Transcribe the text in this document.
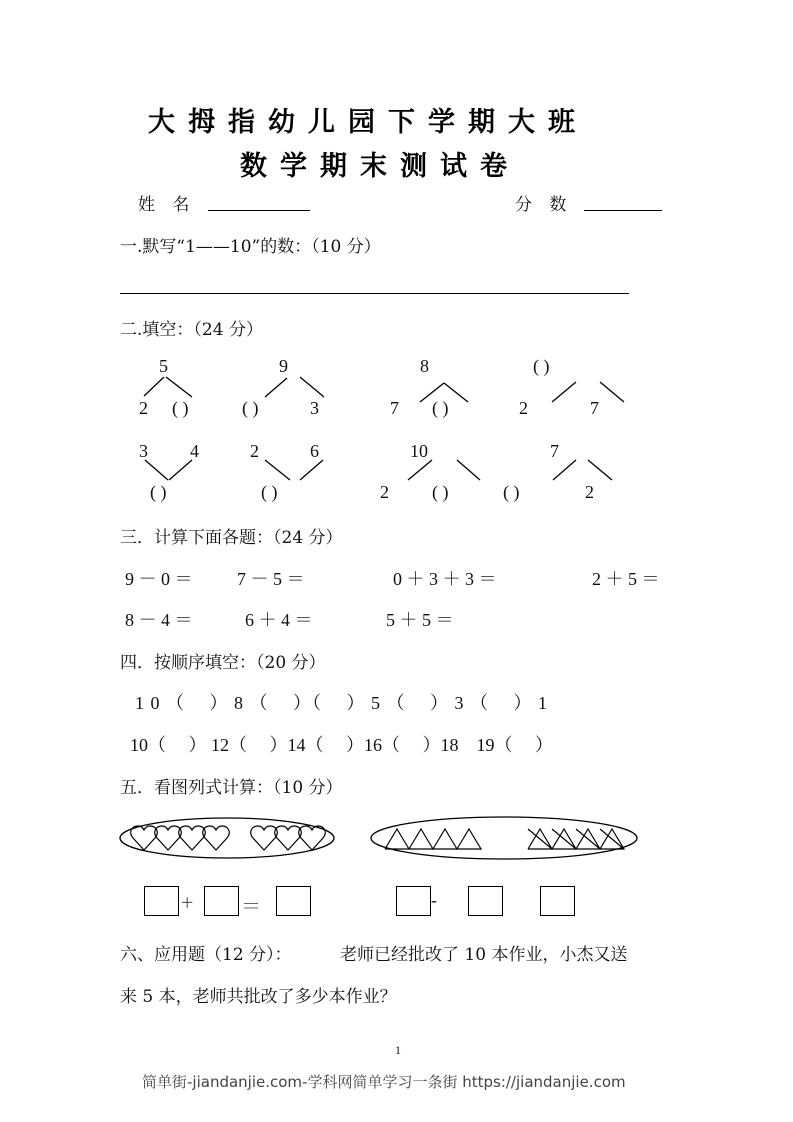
大拇指幼儿园下学期大班
数学期末测试卷
姓 名	分 数
一.默写“1——10”的数：（10 分）
二.填空：（24 分）
5
2 ( )
9
( )	3
8
7 ( )
( )
2	7
3 4
( )
2	6
( )
10
2 ( )
7
( )	2
三．计算下面各题：（24 分）
9 － 0 ＝ 7 － 5 ＝	0 ＋ 3 ＋ 3 ＝	2 ＋ 5 ＝
8 － 4 ＝	6 ＋ 4 ＝	5 ＋ 5 ＝
四．按顺序填空：（20 分）
1 0 （　 ） 8 （　 ）（　 ） 5 （　 ） 3 （　 ） 1
10（　 ） 12（　 ）14（　 ）16（　 ）18　19（　 ）
五．看图列式计算：（10 分）
+ ＝	-
六、应用题（12 分）：	老师已经批改了 10 本作业，小杰又送
来 5 本，老师共批改了多少本作业？
1
简单街-jiandanjie.com-学科网简单学习一条街 https://jiandanjie.com
